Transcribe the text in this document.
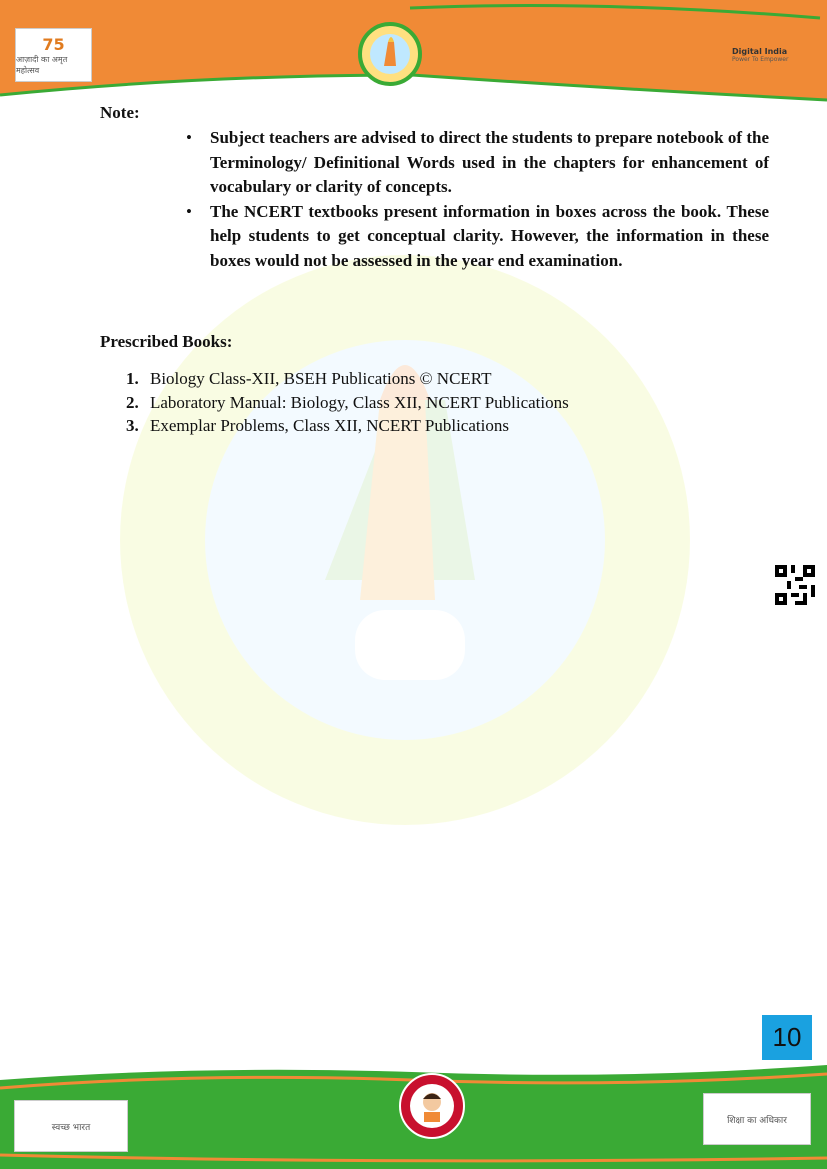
75
आज़ादी का अमृत महोत्सव
Digital India
Power To Empower
Note:
• Subject teachers are advised to direct the students to prepare notebook of the Terminology/ Definitional Words used in the chapters for enhancement of vocabulary or clarity of concepts.
• The NCERT textbooks present information in boxes across the book. These help students to get conceptual clarity. However, the information in these boxes would not be assessed in the year end examination.
Prescribed Books:
1. Biology Class-XII, BSEH Publications © NCERT
2. Laboratory Manual: Biology, Class XII, NCERT Publications
3. Exemplar Problems, Class XII, NCERT Publications
10
स्वच्छ भारत
शिक्षा का अधिकार
